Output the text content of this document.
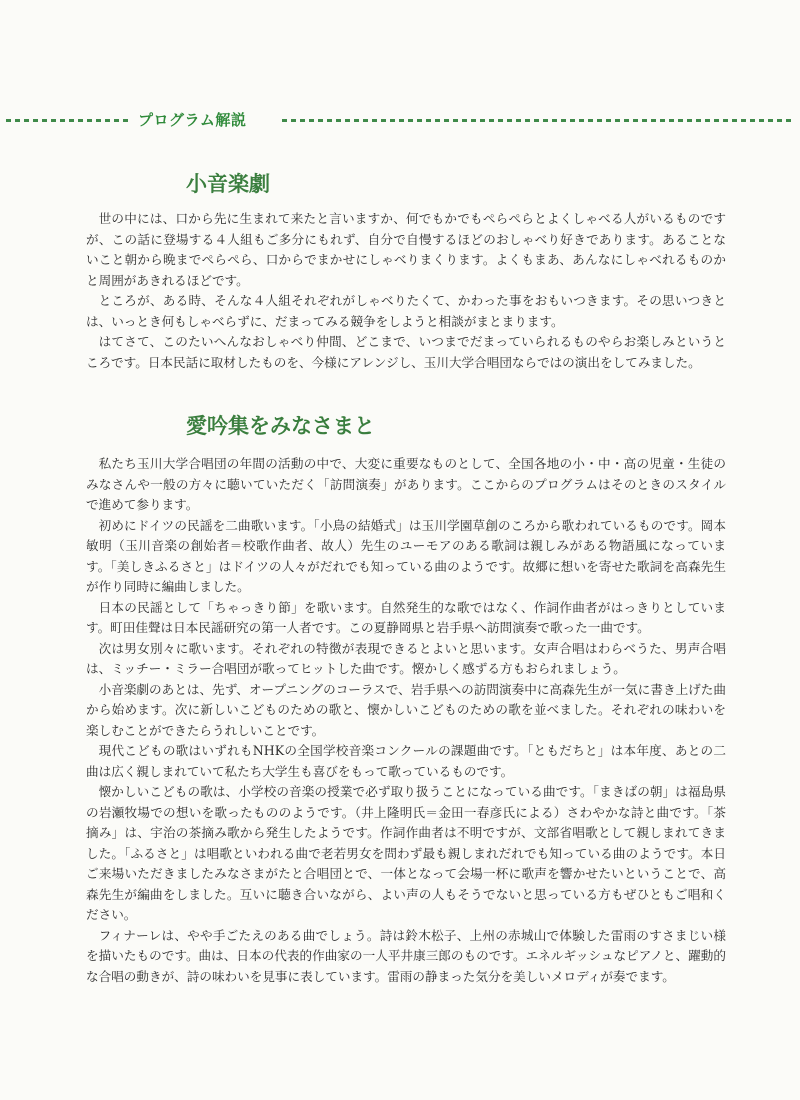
プログラム解説
小音楽劇

世の中には、口から先に生まれて来たと言いますか、何でもかでもぺらぺらとよくしゃべる人がいるものですが、この話に登場する４人組もご多分にもれず、自分で自慢するほどのおしゃべり好きであります。あることないこと朝から晩までぺらぺら、口からでまかせにしゃべりまくります。よくもまあ、あんなにしゃべれるものかと周囲があきれるほどです。

ところが、ある時、そんな４人組それぞれがしゃべりたくて、かわった事をおもいつきます。その思いつきとは、いっとき何もしゃべらずに、だまってみる競争をしようと相談がまとまります。

はてさて、このたいへんなおしゃべり仲間、どこまで、いつまでだまっていられるものやらお楽しみというところです。日本民話に取材したものを、今様にアレンジし、玉川大学合唱団ならではの演出をしてみました。

愛吟集をみなさまと

私たち玉川大学合唱団の年間の活動の中で、大変に重要なものとして、全国各地の小・中・高の児童・生徒のみなさんや一般の方々に聴いていただく「訪問演奏」があります。ここからのプログラムはそのときのスタイルで進めて参ります。

初めにドイツの民謡を二曲歌います。「小鳥の結婚式」は玉川学園草創のころから歌われているものです。岡本敏明（玉川音楽の創始者＝校歌作曲者、故人）先生のユーモアのある歌詞は親しみがある物語風になっています。「美しきふるさと」はドイツの人々がだれでも知っている曲のようです。故郷に想いを寄せた歌詞を高森先生が作り同時に編曲しました。

日本の民謡として「ちゃっきり節」を歌います。自然発生的な歌ではなく、作詞作曲者がはっきりとしています。町田佳聲は日本民謡研究の第一人者です。この夏静岡県と岩手県へ訪問演奏で歌った一曲です。

次は男女別々に歌います。それぞれの特徴が表現できるとよいと思います。女声合唱はわらべうた、男声合唱は、ミッチー・ミラー合唱団が歌ってヒットした曲です。懐かしく感ずる方もおられましょう。

小音楽劇のあとは、先ず、オープニングのコーラスで、岩手県への訪問演奏中に高森先生が一気に書き上げた曲から始めます。次に新しいこどものための歌と、懐かしいこどものための歌を並べました。それぞれの味わいを楽しむことができたらうれしいことです。

現代こどもの歌はいずれもNHKの全国学校音楽コンクールの課題曲です。「ともだちと」は本年度、あとの二曲は広く親しまれていて私たち大学生も喜びをもって歌っているものです。

懐かしいこどもの歌は、小学校の音楽の授業で必ず取り扱うことになっている曲です。「まきばの朝」は福島県の岩瀬牧場での想いを歌ったもののようです。（井上隆明氏＝金田一春彦氏による）さわやかな詩と曲です。「茶摘み」は、宇治の茶摘み歌から発生したようです。作詞作曲者は不明ですが、文部省唱歌として親しまれてきました。「ふるさと」は唱歌といわれる曲で老若男女を問わず最も親しまれだれでも知っている曲のようです。本日ご来場いただきましたみなさまがたと合唱団とで、一体となって会場一杯に歌声を響かせたいということで、高森先生が編曲をしました。互いに聴き合いながら、よい声の人もそうでないと思っている方もぜひともご唱和ください。

フィナーレは、やや手ごたえのある曲でしょう。詩は鈴木松子、上州の赤城山で体験した雷雨のすさまじい様を描いたものです。曲は、日本の代表的作曲家の一人平井康三郎のものです。エネルギッシュなピアノと、躍動的な合唱の動きが、詩の味わいを見事に表しています。雷雨の静まった気分を美しいメロディが奏でます。
